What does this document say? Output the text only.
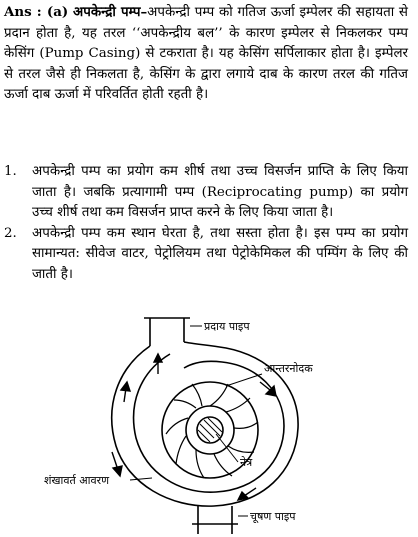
Ans : (a) अपकेन्द्री पम्प–अपकेन्द्री पम्प को गतिज ऊर्जा इम्पेलर की सहायता से प्रदान होता है, यह तरल ‘‘अपकेन्द्रीय बल’’ के कारण इम्पेलर से निकलकर पम्प केसिंग (Pump Casing) से टकराता है। यह केसिंग सर्पिलाकार होता है। इम्पेलर से तरल जैसे ही निकलता है, केसिंग के द्वारा लगाये दाब के कारण तरल की गतिज ऊर्जा दाब ऊर्जा में परिवर्तित होती रहती है।
1.	अपकेन्द्री पम्प का प्रयोग कम शीर्ष तथा उच्च विसर्जन प्राप्ति के लिए किया जाता है। जबकि प्रत्यागामी पम्प (Reciprocating pump) का प्रयोग उच्च शीर्ष तथा कम विसर्जन प्राप्त करने के लिए किया जाता है।
2.	अपकेन्द्री पम्प कम स्थान घेरता है, तथा सस्ता होता है। इस पम्प का प्रयोग सामान्यत: सीवेज वाटर, पेट्रोलियम तथा पेट्रोकेमिकल की पम्पिंग के लिए की जाती है।
प्रदाय पाइप
आन्तरनोदक
नेत्र
शंखावर्त आवरण
चूषण पाइप
